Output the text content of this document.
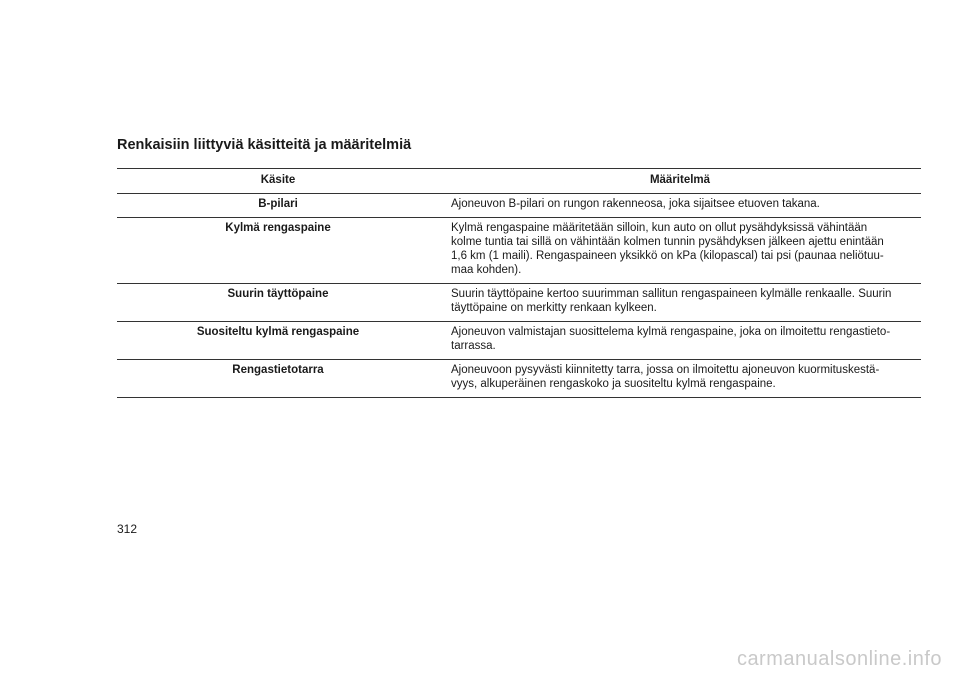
Renkaisiin liittyviä käsitteitä ja määritelmiä
Käsite	Määritelmä
B-pilari	Ajoneuvon B-pilari on rungon rakenneosa, joka sijaitsee etuoven takana.

Kylmä rengaspaine	Kylmä rengaspaine määritetään silloin, kun auto on ollut pysähdyksissä vähintään
kolme tuntia tai sillä on vähintään kolmen tunnin pysähdyksen jälkeen ajettu enintään
1,6 km (1 maili). Rengaspaineen yksikkö on kPa (kilopascal) tai psi (paunaa neliötuu-
maa kohden).

Suurin täyttöpaine	Suurin täyttöpaine kertoo suurimman sallitun rengaspaineen kylmälle renkaalle. Suurin
täyttöpaine on merkitty renkaan kylkeen.

Suositeltu kylmä rengaspaine	Ajoneuvon valmistajan suosittelema kylmä rengaspaine, joka on ilmoitettu rengastieto-
tarrassa.

Rengastietotarra	Ajoneuvoon pysyvästi kiinnitetty tarra, jossa on ilmoitettu ajoneuvon kuormituskestä-
vyys, alkuperäinen rengaskoko ja suositeltu kylmä rengaspaine.
312
carmanualsonline.info
